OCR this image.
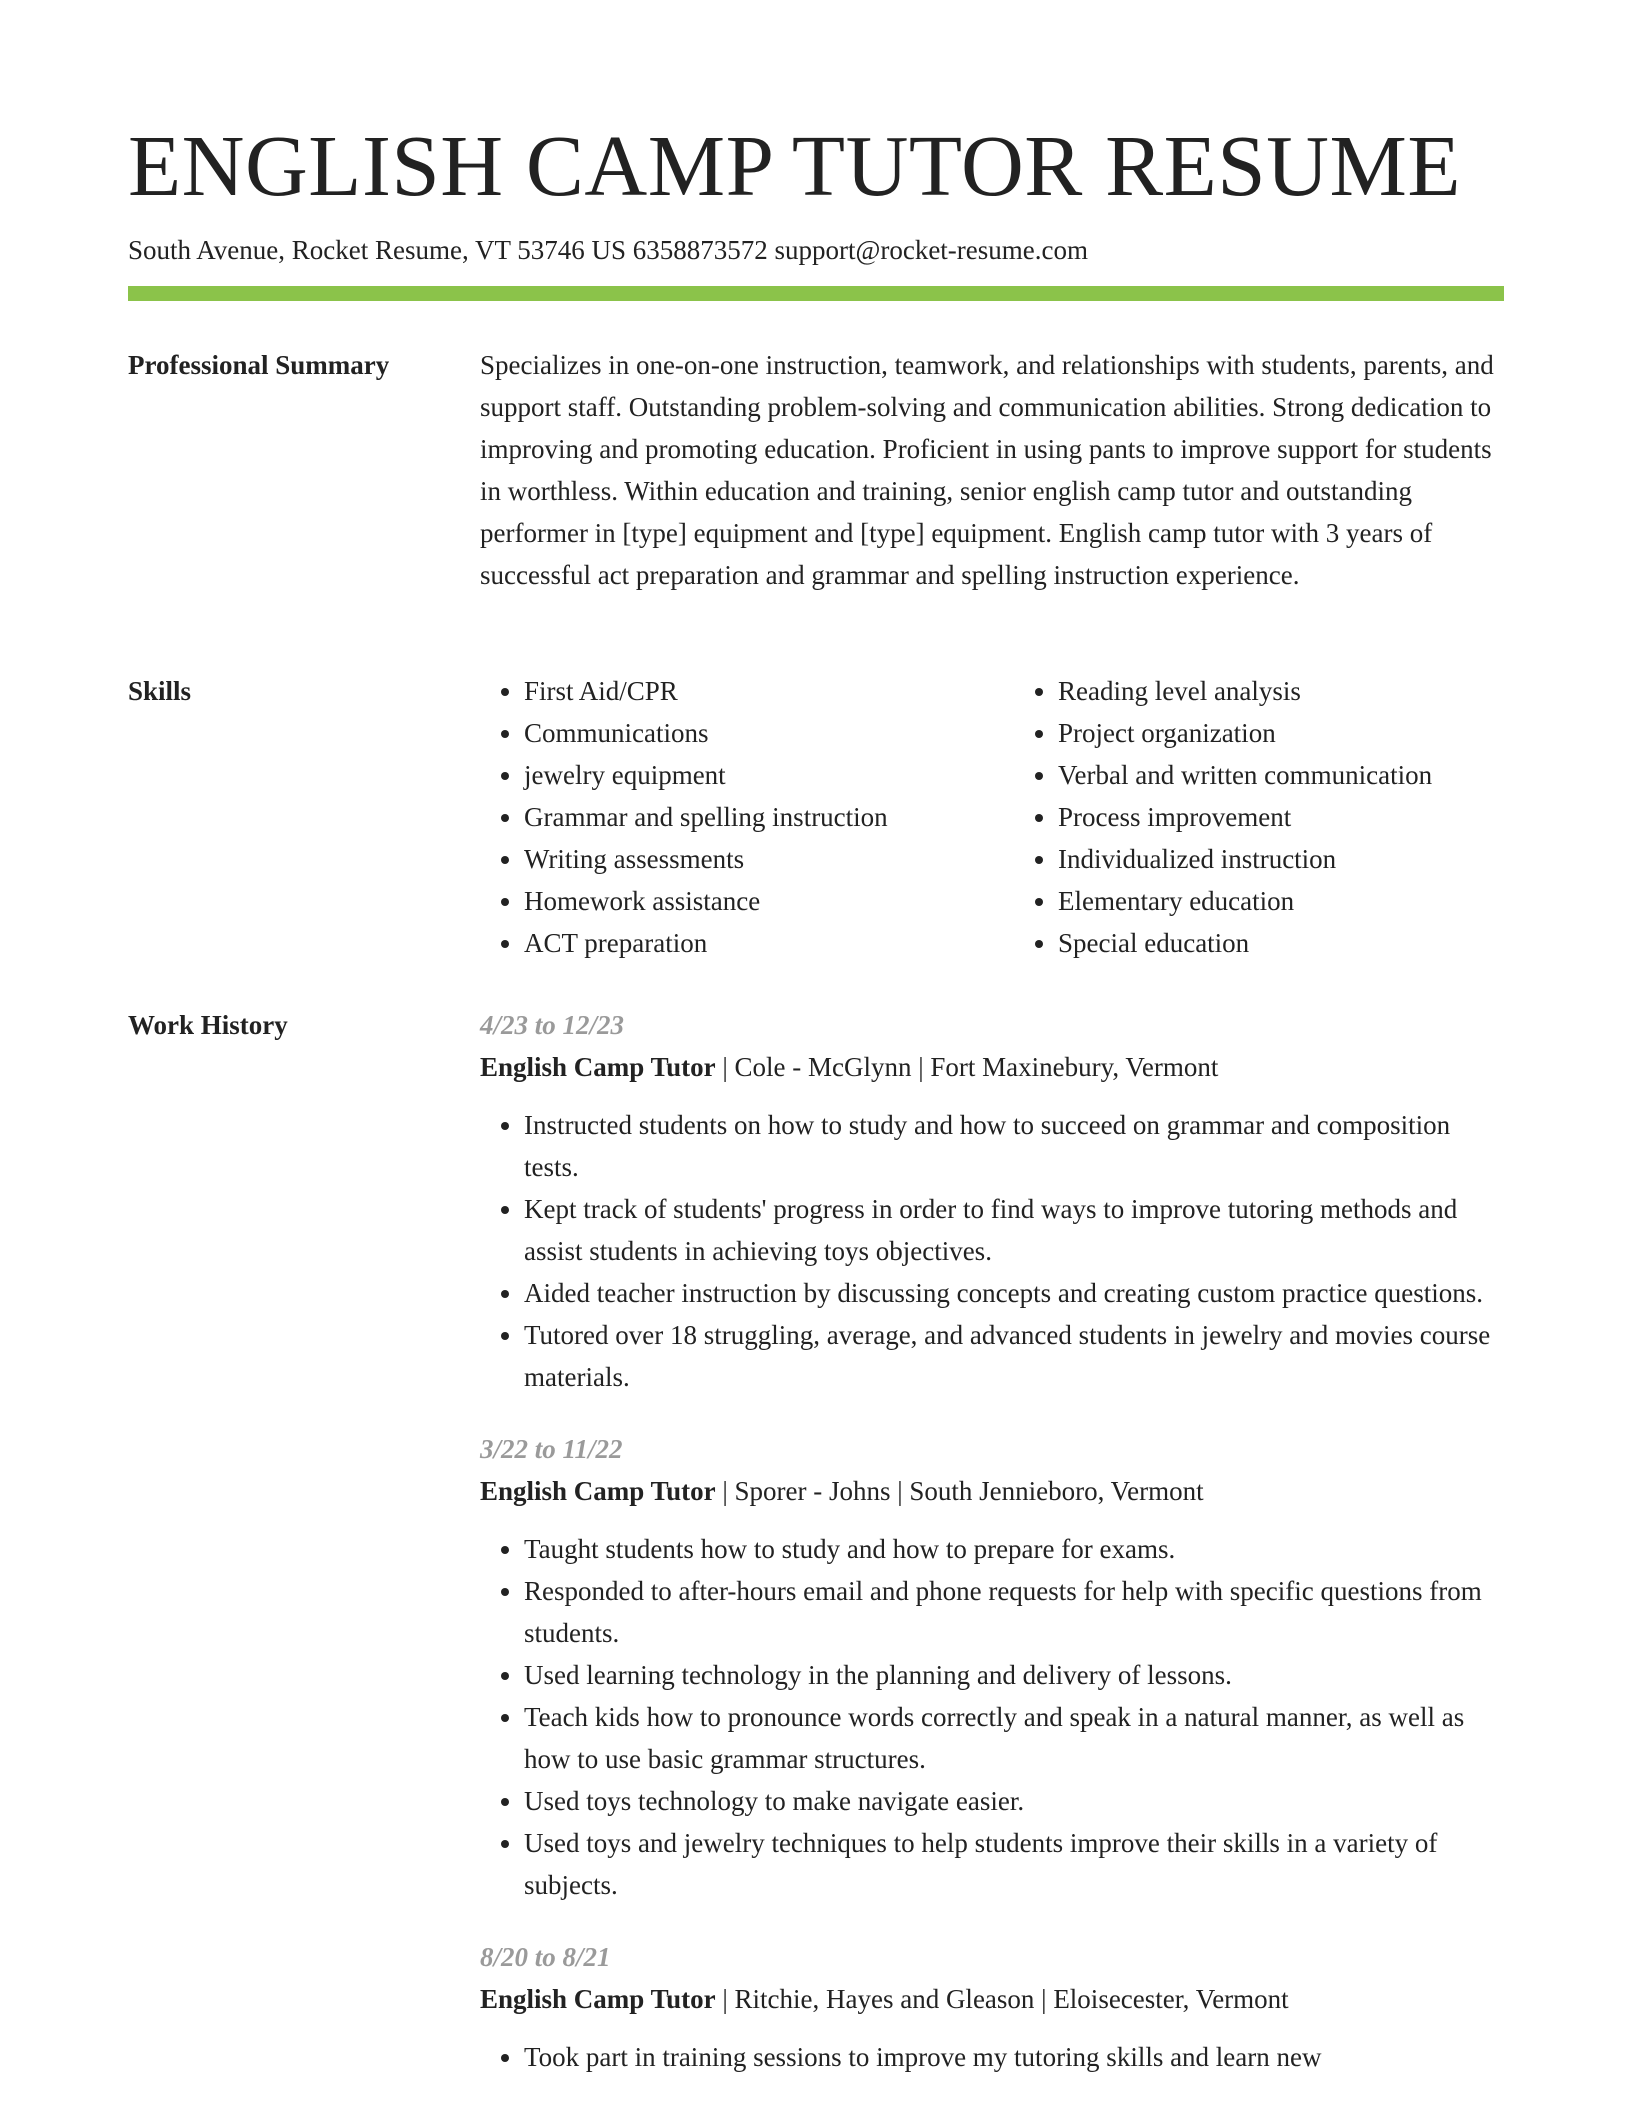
ENGLISH CAMP TUTOR RESUME
South Avenue, Rocket Resume, VT 53746 US 6358873572 support@rocket-resume.com
Professional Summary	Specializes in one-on-one instruction, teamwork, and relationships with students, parents, and support staff. Outstanding problem-solving and communication abilities. Strong dedication to improving and promoting education. Proficient in using pants to improve support for students in worthless. Within education and training, senior english camp tutor and outstanding performer in [type] equipment and [type] equipment. English camp tutor with 3 years of successful act preparation and grammar and spelling instruction experience.

Skills
•	First Aid/CPR
• Communications
• jewelry equipment
• Grammar and spelling instruction
• Writing assessments
• Homework assistance
• ACT preparation
• Reading level analysis
• Project organization
• Verbal and written communication
• Process improvement
• Individualized instruction
• Elementary education
• Special education
Work History	4/23 to 12/23
English Camp Tutor | Cole - McGlynn | Fort Maxinebury, Vermont
• Instructed students on how to study and how to succeed on grammar and composition tests.
• Kept track of students' progress in order to find ways to improve tutoring methods and assist students in achieving toys objectives.
• Aided teacher instruction by discussing concepts and creating custom practice questions.
• Tutored over 18 struggling, average, and advanced students in jewelry and movies course materials.
3/22 to 11/22
English Camp Tutor | Sporer - Johns | South Jennieboro, Vermont
• Taught students how to study and how to prepare for exams.
• Responded to after-hours email and phone requests for help with specific questions from students.
• Used learning technology in the planning and delivery of lessons.
• Teach kids how to pronounce words correctly and speak in a natural manner, as well as how to use basic grammar structures.
• Used toys technology to make navigate easier.
• Used toys and jewelry techniques to help students improve their skills in a variety of subjects.
8/20 to 8/21
English Camp Tutor | Ritchie, Hayes and Gleason | Eloisecester, Vermont
• Took part in training sessions to improve my tutoring skills and learn new
